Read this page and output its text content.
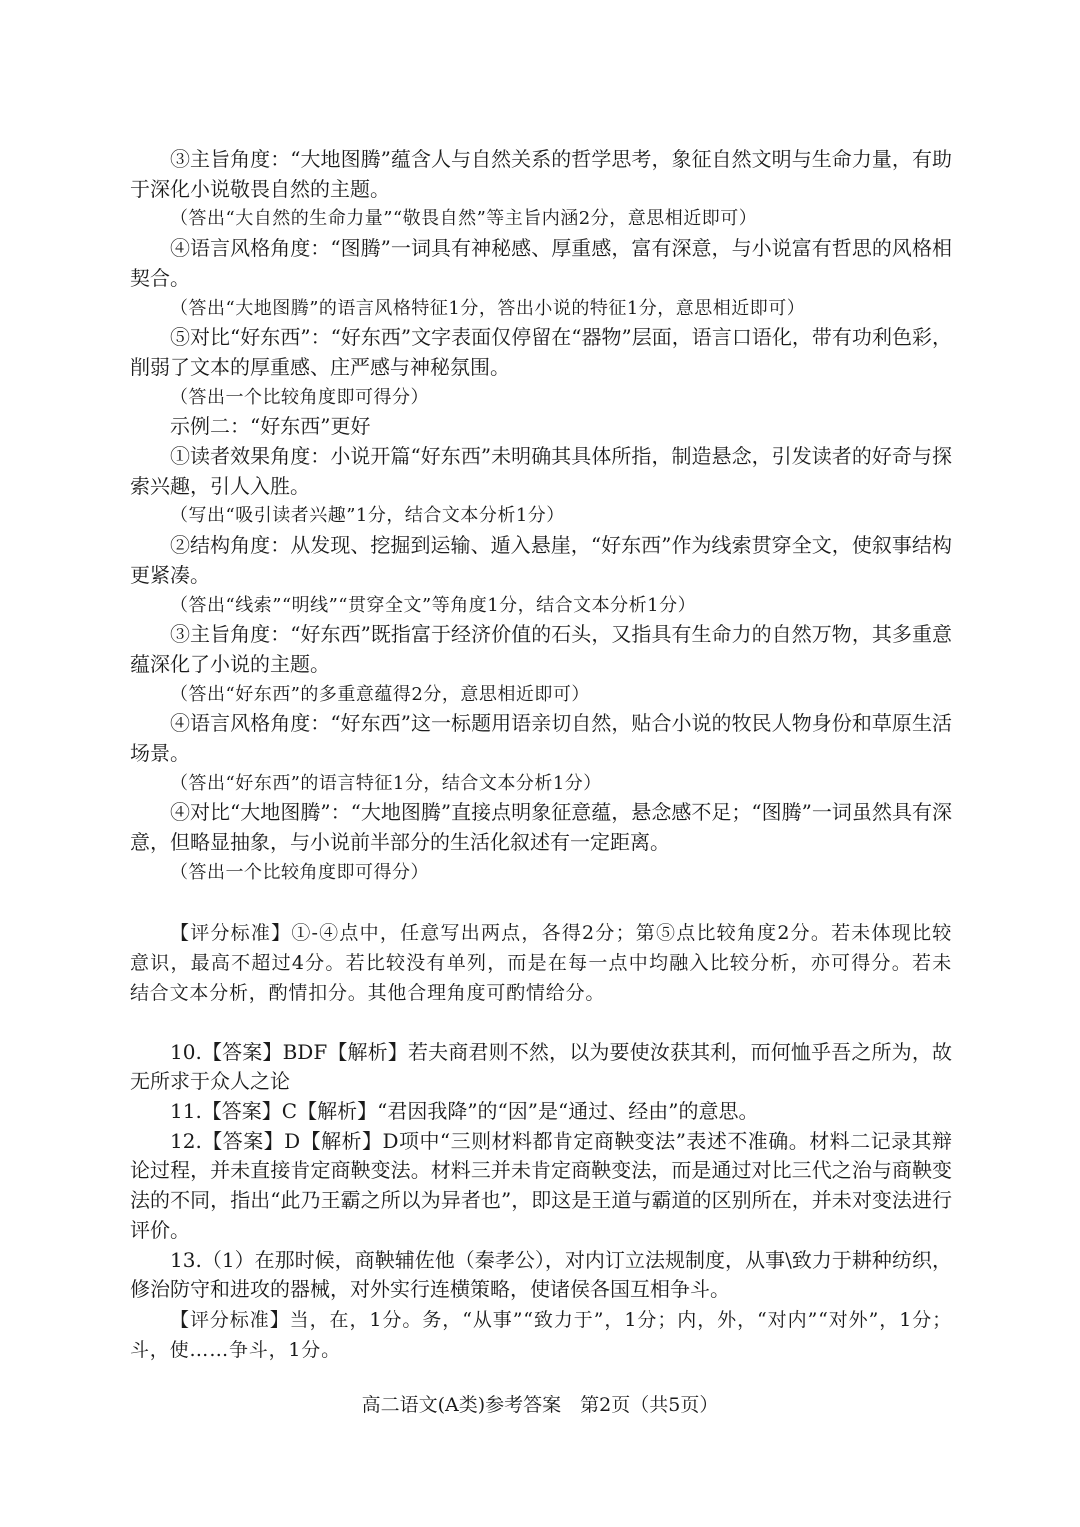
③主旨角度：“大地图腾”蕴含人与自然关系的哲学思考，象征自然文明与生命力量，有助于深化小说敬畏自然的主题。

（答出“大自然的生命力量”“敬畏自然”等主旨内涵2分，意思相近即可）

④语言风格角度：“图腾”一词具有神秘感、厚重感，富有深意，与小说富有哲思的风格相契合。

（答出“大地图腾”的语言风格特征1分，答出小说的特征1分，意思相近即可）

⑤对比“好东西”：“好东西”文字表面仅停留在“器物”层面，语言口语化，带有功利色彩，削弱了文本的厚重感、庄严感与神秘氛围。

（答出一个比较角度即可得分）

示例二：“好东西”更好

①读者效果角度：小说开篇“好东西”未明确其具体所指，制造悬念，引发读者的好奇与探索兴趣，引人入胜。

（写出“吸引读者兴趣”1分，结合文本分析1分）

②结构角度：从发现、挖掘到运输、遁入悬崖，“好东西”作为线索贯穿全文，使叙事结构更紧凑。

（答出“线索”“明线”“贯穿全文”等角度1分，结合文本分析1分）

③主旨角度：“好东西”既指富于经济价值的石头，又指具有生命力的自然万物，其多重意蕴深化了小说的主题。

（答出“好东西”的多重意蕴得2分，意思相近即可）

④语言风格角度：“好东西”这一标题用语亲切自然，贴合小说的牧民人物身份和草原生活场景。

（答出“好东西”的语言特征1分，结合文本分析1分）

④对比“大地图腾”：“大地图腾”直接点明象征意蕴，悬念感不足；“图腾”一词虽然具有深意，但略显抽象，与小说前半部分的生活化叙述有一定距离。

（答出一个比较角度即可得分）

【评分标准】①-④点中，任意写出两点，各得2分；第⑤点比较角度2分。若未体现比较意识，最高不超过4分。若比较没有单列，而是在每一点中均融入比较分析，亦可得分。若未结合文本分析，酌情扣分。其他合理角度可酌情给分。

10.【答案】BDF【解析】若夫商君则不然，以为要使汝获其利，而何恤乎吾之所为，故无所求于众人之论

11.【答案】C【解析】“君因我降”的“因”是“通过、经由”的意思。

12.【答案】D【解析】D项中“三则材料都肯定商鞅变法”表述不准确。材料二记录其辩论过程，并未直接肯定商鞅变法。材料三并未肯定商鞅变法，而是通过对比三代之治与商鞅变法的不同，指出“此乃王霸之所以为异者也”，即这是王道与霸道的区别所在，并未对变法进行评价。

13.（1）在那时候，商鞅辅佐他（秦孝公），对内订立法规制度，从事\致力于耕种纺织，修治防守和进攻的器械，对外实行连横策略，使诸侯各国互相争斗。

【评分标准】当，在，1分。务，“从事”“致力于”，1分；内，外，“对内”“对外”，1分；斗，使……争斗，1分。

高二语文(A类)参考答案　第2页（共5页）
